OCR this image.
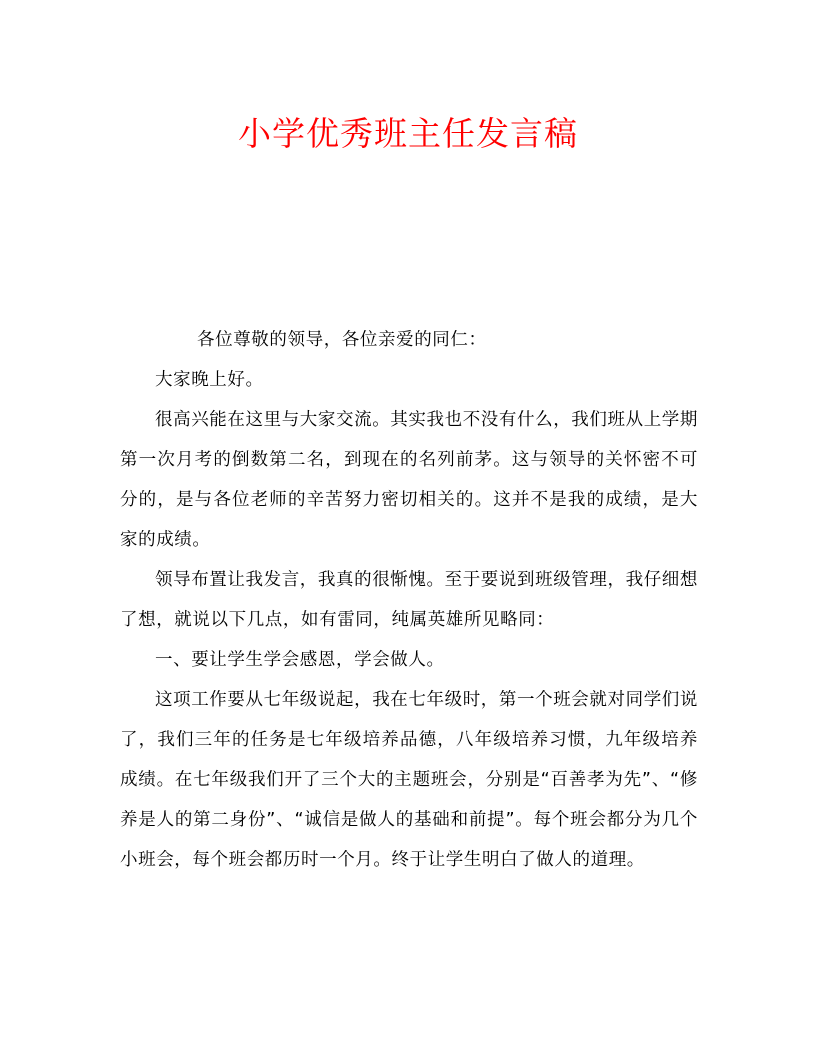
小学优秀班主任发言稿

各位尊敬的领导，各位亲爱的同仁：

大家晚上好。

很高兴能在这里与大家交流。其实我也不没有什么，我们班从上学期第一次月考的倒数第二名，到现在的名列前茅。这与领导的关怀密不可分的，是与各位老师的辛苦努力密切相关的。这并不是我的成绩，是大家的成绩。

领导布置让我发言，我真的很惭愧。至于要说到班级管理，我仔细想了想，就说以下几点，如有雷同，纯属英雄所见略同：

一、要让学生学会感恩，学会做人。

这项工作要从七年级说起，我在七年级时，第一个班会就对同学们说了，我们三年的任务是七年级培养品德，八年级培养习惯，九年级培养成绩。在七年级我们开了三个大的主题班会，分别是“百善孝为先”、“修养是人的第二身份”、“诚信是做人的基础和前提”。每个班会都分为几个小班会，每个班会都历时一个月。终于让学生明白了做人的道理。
